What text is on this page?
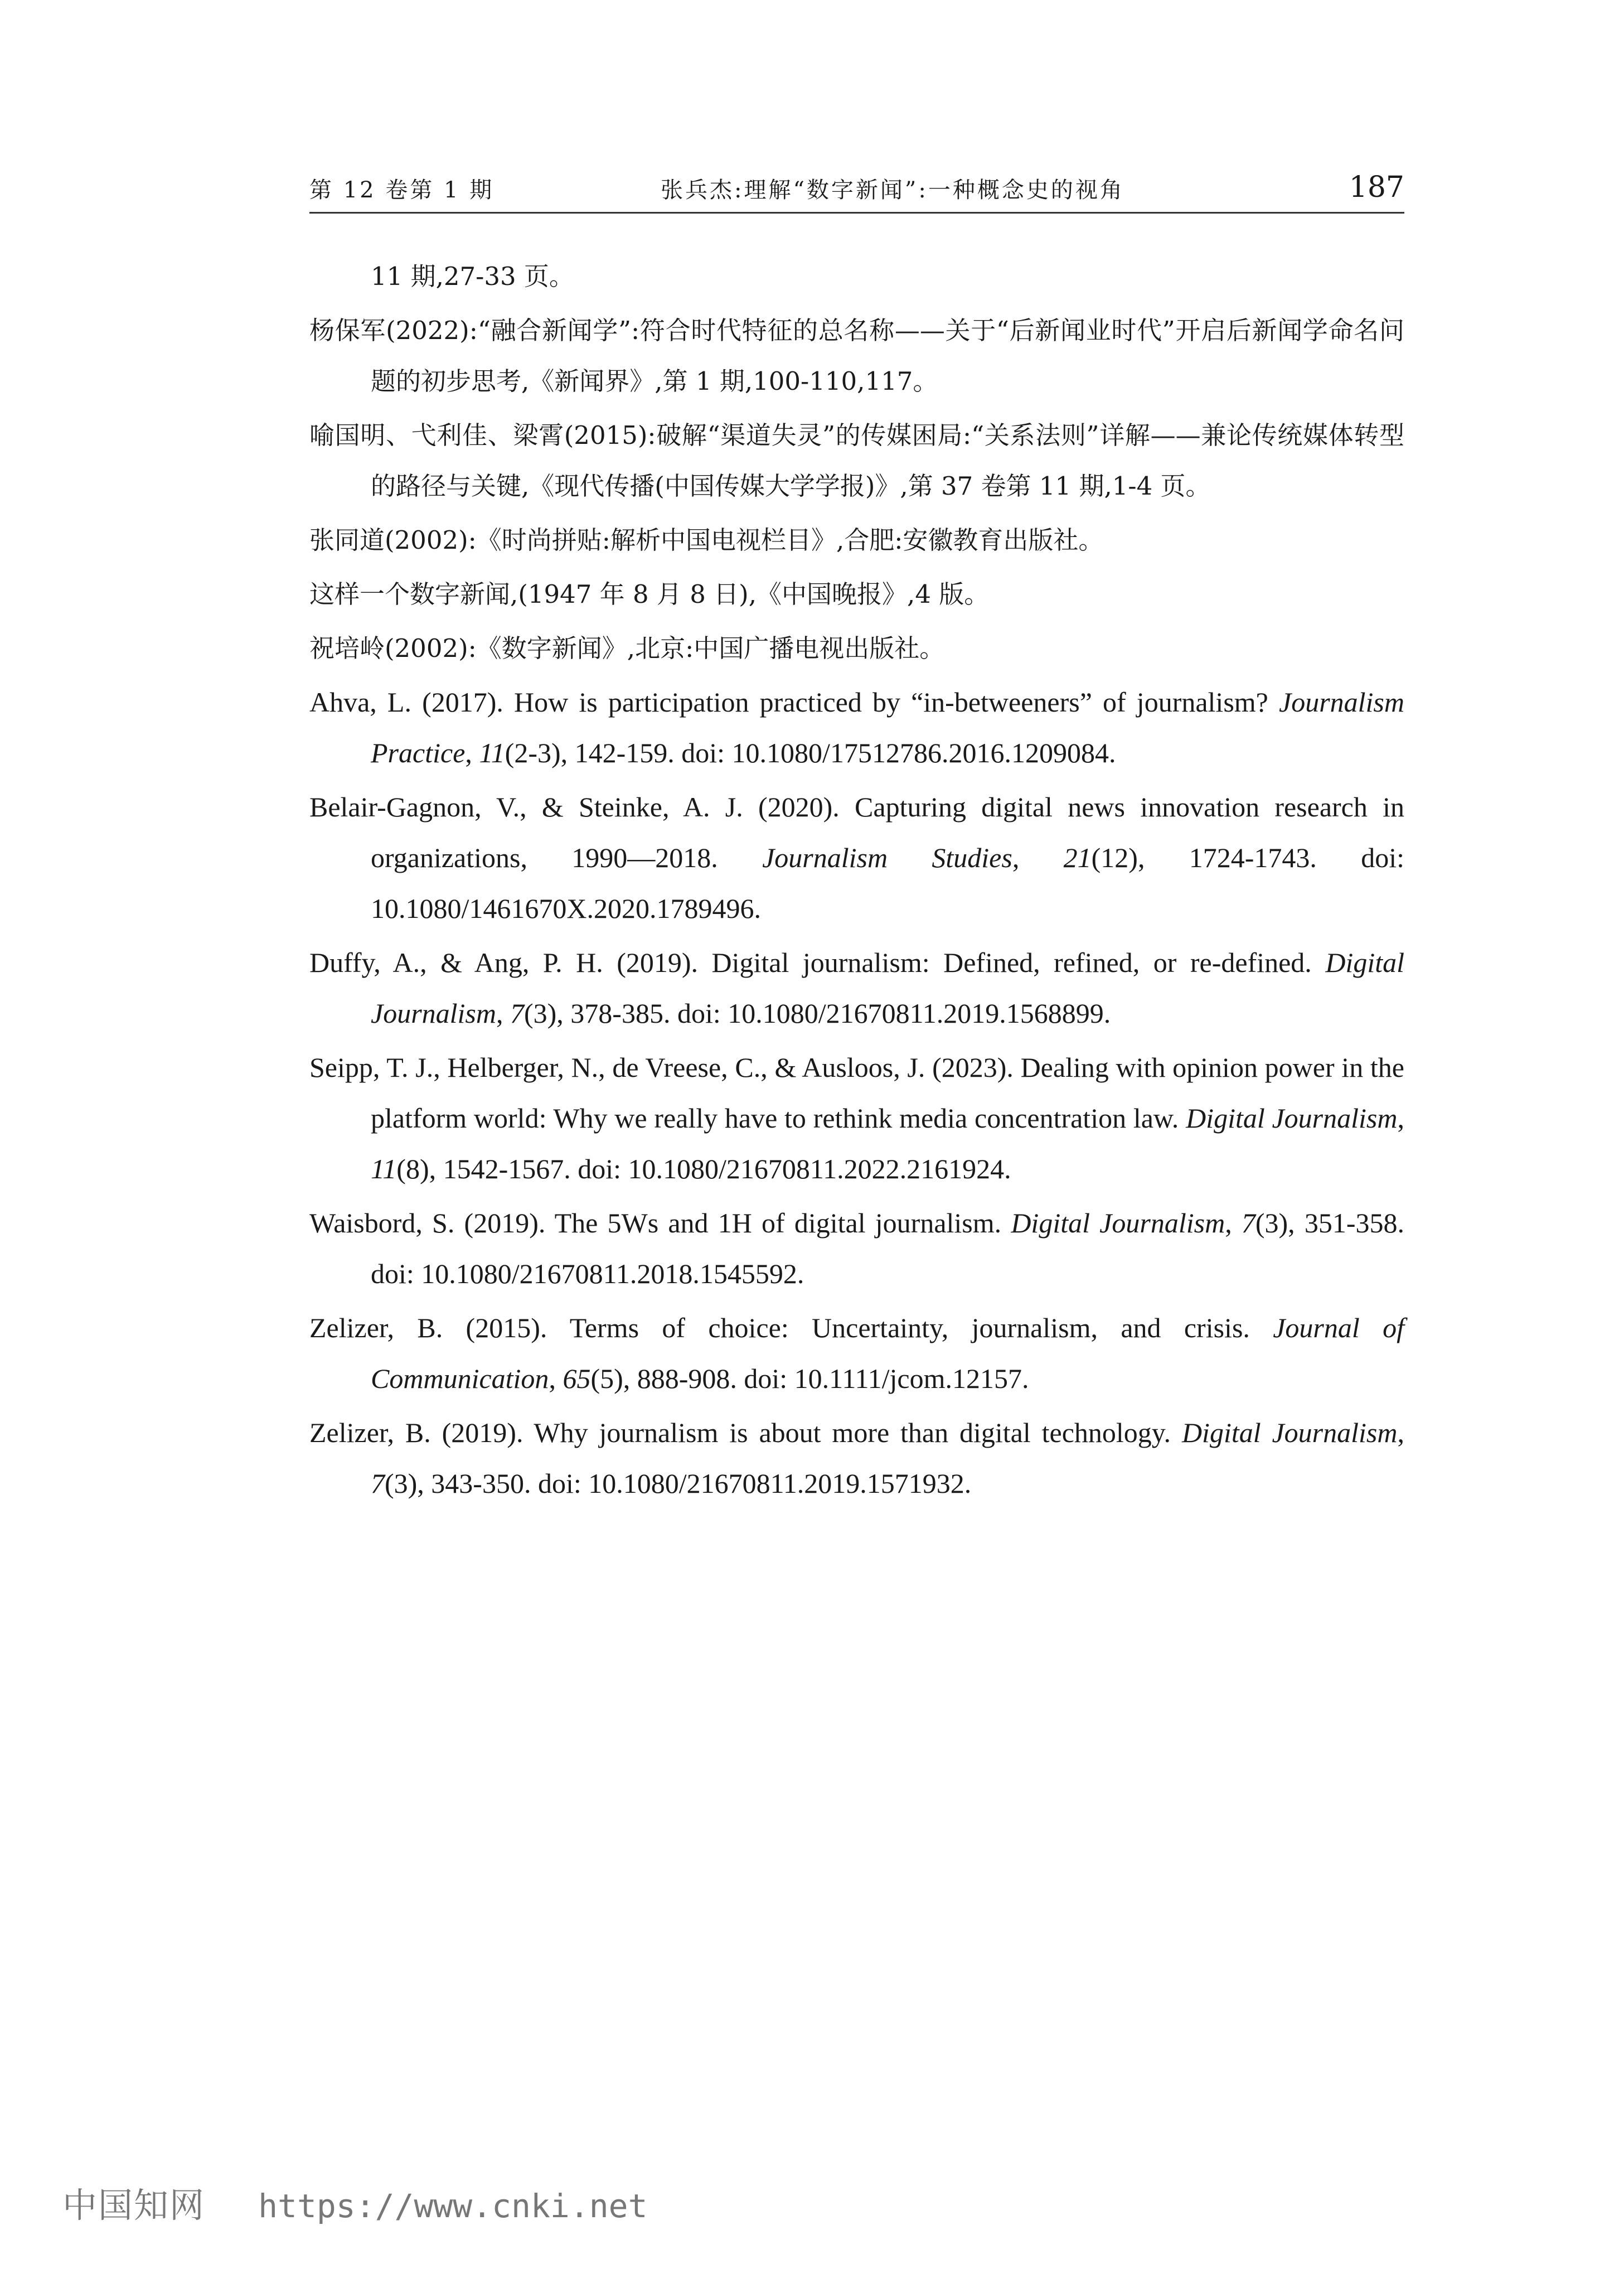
第 12 卷第 1 期	张兵杰:理解“数字新闻”:一种概念史的视角	187

11 期,27-33 页。

杨保军(2022):“融合新闻学”:符合时代特征的总名称——关于“后新闻业时代”开启后新闻学命名问题的初步思考,《新闻界》,第 1 期,100-110,117。

喻国明、弋利佳、梁霄(2015):破解“渠道失灵”的传媒困局:“关系法则”详解——兼论传统媒体转型的路径与关键,《现代传播(中国传媒大学学报)》,第 37 卷第 11 期,1-4 页。

张同道(2002):《时尚拼贴:解析中国电视栏目》,合肥:安徽教育出版社。

这样一个数字新闻,(1947 年 8 月 8 日),《中国晚报》,4 版。

祝培岭(2002):《数字新闻》,北京:中国广播电视出版社。

Ahva, L. (2017). How is participation practiced by “in-betweeners” of journalism? Journalism Practice, 11(2-3), 142-159. doi: 10.1080/17512786.2016.1209084.

Belair-Gagnon, V., & Steinke, A. J. (2020). Capturing digital news innovation research in organizations, 1990—2018. Journalism Studies, 21(12), 1724-1743. doi: 10.1080/1461670X.2020.1789496.

Duffy, A., & Ang, P. H. (2019). Digital journalism: Defined, refined, or re-defined. Digital Journalism, 7(3), 378-385. doi: 10.1080/21670811.2019.1568899.

Seipp, T. J., Helberger, N., de Vreese, C., & Ausloos, J. (2023). Dealing with opinion power in the platform world: Why we really have to rethink media concentration law. Digital Journalism, 11(8), 1542-1567. doi: 10.1080/21670811.2022.2161924.

Waisbord, S. (2019). The 5Ws and 1H of digital journalism. Digital Journalism, 7(3), 351-358. doi: 10.1080/21670811.2018.1545592.

Zelizer, B. (2015). Terms of choice: Uncertainty, journalism, and crisis. Journal of Communication, 65(5), 888-908. doi: 10.1111/jcom.12157.

Zelizer, B. (2019). Why journalism is about more than digital technology. Digital Journalism, 7(3), 343-350. doi: 10.1080/21670811.2019.1571932.

中国知网 https://www.cnki.net
